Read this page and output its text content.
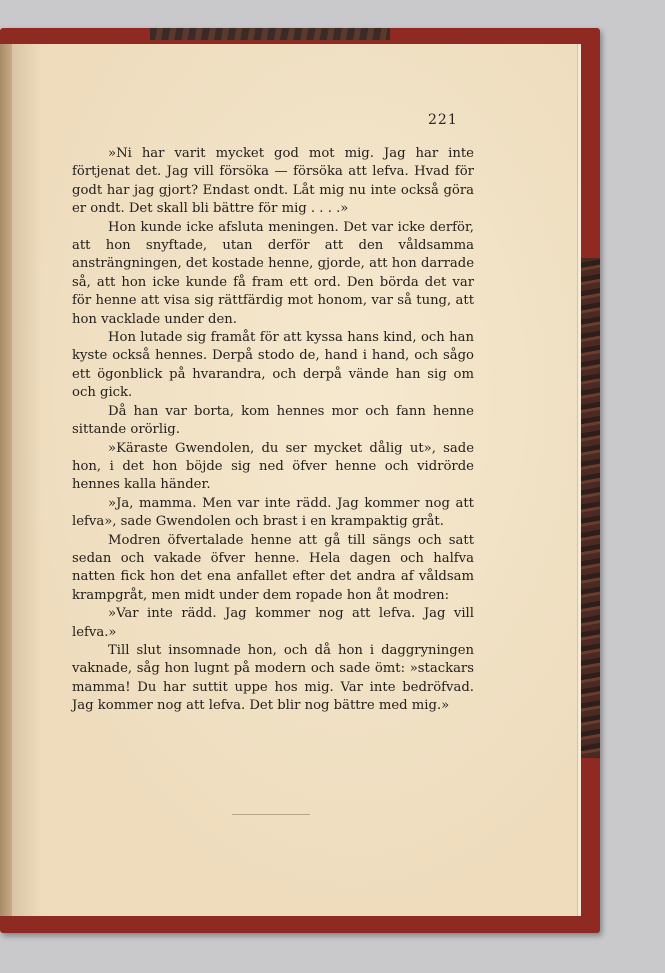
221

»Ni har varit mycket god mot mig. Jag har inte förtjenat det. Jag vill försöka — försöka att lefva. Hvad för godt har jag gjort? Endast ondt. Låt mig nu inte också göra er ondt. Det skall bli bättre för mig . . . .»

Hon kunde icke afsluta meningen. Det var icke derför, att hon snyftade, utan derför att den våldsamma ansträngningen, det kostade henne, gjorde, att hon darrade så, att hon icke kunde få fram ett ord. Den börda det var för henne att visa sig rättfärdig mot honom, var så tung, att hon vacklade under den.

Hon lutade sig framåt för att kyssa hans kind, och han kyste också hennes. Derpå stodo de, hand i hand, och sågo ett ögonblick på hvarandra, och derpå vände han sig om och gick.

Då han var borta, kom hennes mor och fann henne sittande orörlig.

»Käraste Gwendolen, du ser mycket dålig ut», sade hon, i det hon böjde sig ned öfver henne och vidrörde hennes kalla händer.

»Ja, mamma. Men var inte rädd. Jag kommer nog att lefva», sade Gwendolen och brast i en krampaktig gråt.

Modren öfvertalade henne att gå till sängs och satt sedan och vakade öfver henne. Hela dagen och halfva natten fick hon det ena anfallet efter det andra af våldsam krampgråt, men midt under dem ropade hon åt modren:

»Var inte rädd. Jag kommer nog att lefva. Jag vill lefva.»

Till slut insomnade hon, och då hon i daggryningen vaknade, såg hon lugnt på modern och sade ömt: »stackars mamma! Du har suttit uppe hos mig. Var inte bedröfvad. Jag kommer nog att lefva. Det blir nog bättre med mig.»
